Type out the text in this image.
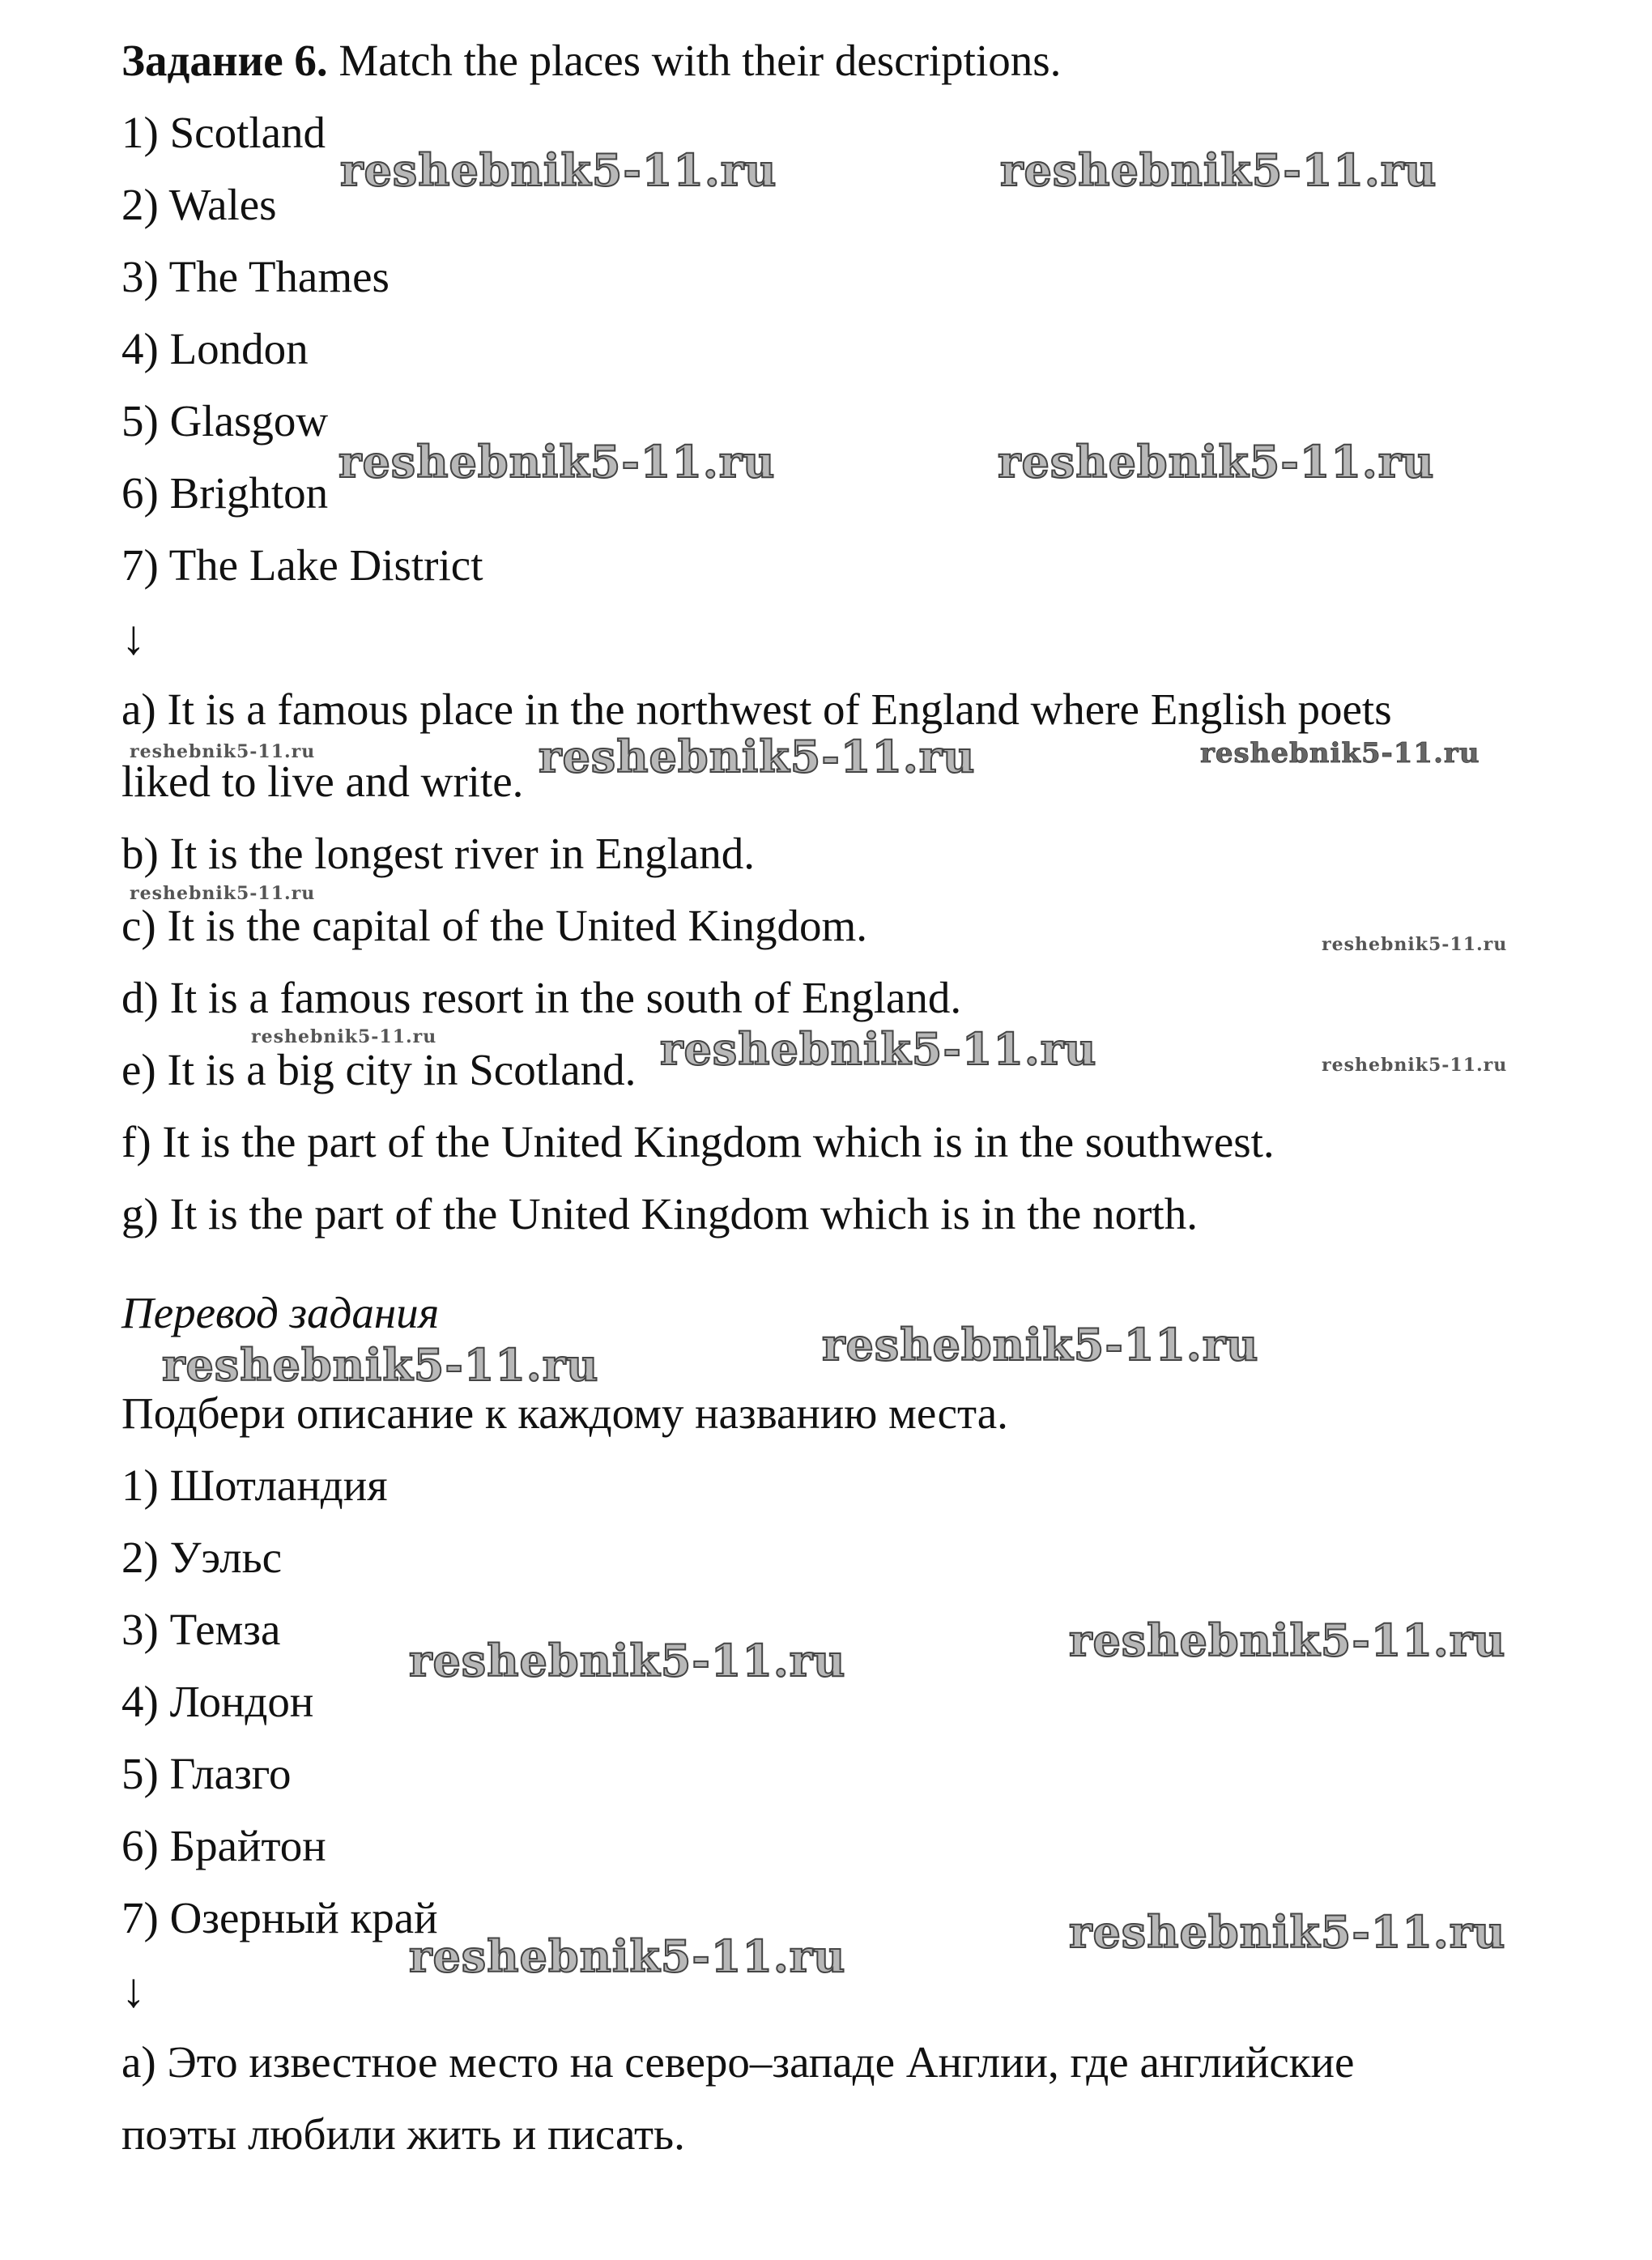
Задание 6. Match the places with their descriptions.
1) Scotland
2) Wales
3) The Thames
4) London
5) Glasgow
6) Brighton
7) The Lake District
↓
a) It is a famous place in the northwest of England where English poets
liked to live and write.
b) It is the longest river in England.
c) It is the capital of the United Kingdom.
d) It is a famous resort in the south of England.
e) It is a big city in Scotland.
f) It is the part of the United Kingdom which is in the southwest.
g) It is the part of the United Kingdom which is in the north.
Перевод задания
Подбери описание к каждому названию места.
1) Шотландия
2) Уэльс
3) Темза
4) Лондон
5) Глазго
6) Брайтон
7) Озерный край
↓
a) Это известное место на северо–западе Англии, где английские
поэты любили жить и писать.
reshebnik5-11.ru	reshebnik5-11.ru
reshebnik5-11.ru	reshebnik5-11.ru
reshebnik5-11.ru	reshebnik5-11.ru
reshebnik5-11.ru
reshebnik5-11.ru
reshebnik5-11.ru
reshebnik5-11.ru	reshebnik5-11.ru	reshebnik5-11.ru
reshebnik5-11.ru	reshebnik5-11.ru
reshebnik5-11.ru	reshebnik5-11.ru
reshebnik5-11.ru	reshebnik5-11.ru
